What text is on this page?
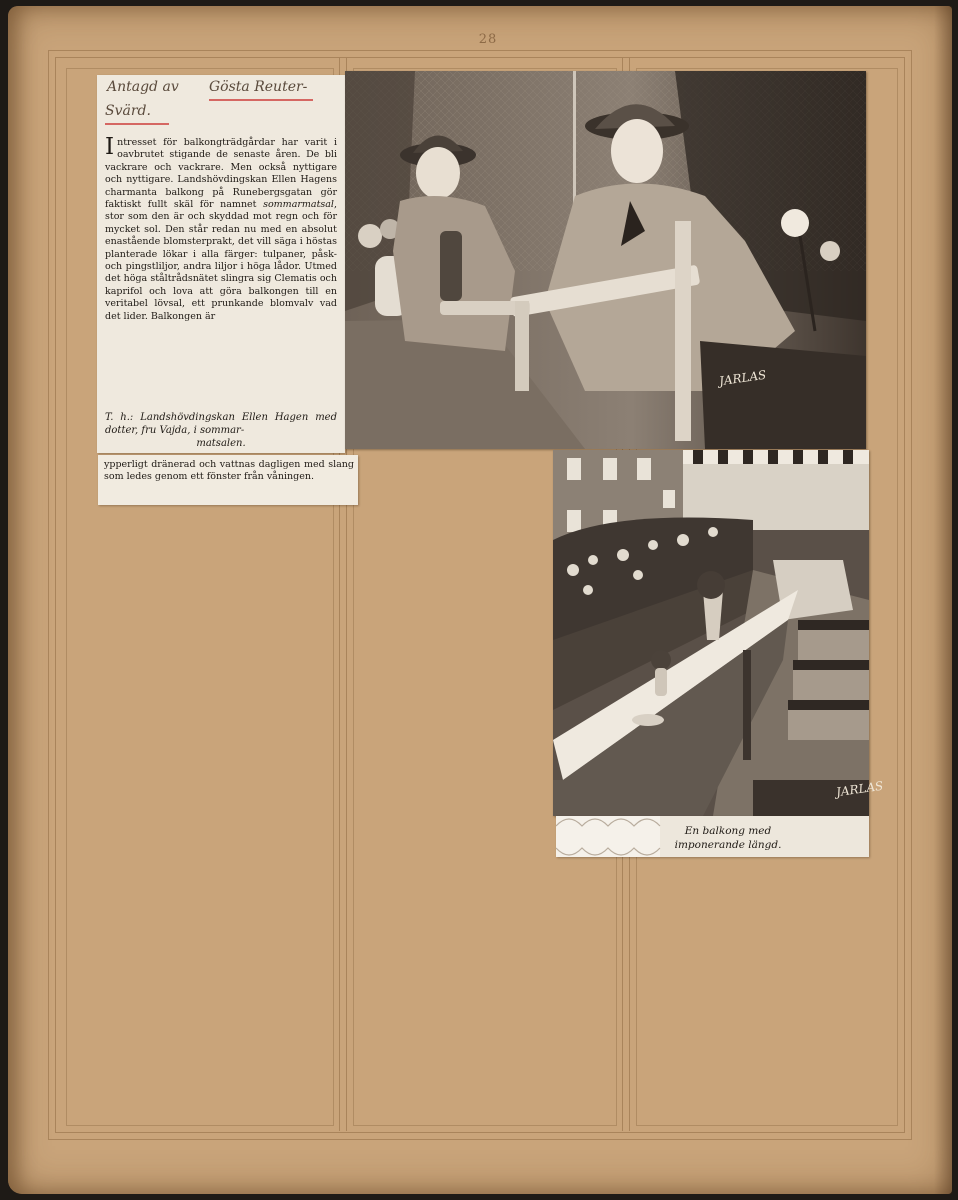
28
Antagd av Gösta Reuter-
Svärd.
Intresset för balkongträdgårdar har varit i oavbrutet stigande de senaste åren. De bli vackrare och vackrare. Men också nyttigare och nyttigare. Landshövdingskan Ellen Hagens charmanta balkong på Runebergsgatan gör faktiskt fullt skäl för namnet sommarmatsal, stor som den är och skyddad mot regn och för mycket sol. Den står redan nu med en absolut enastående blomsterprakt, det vill säga i höstas planterade lökar i alla färger: tulpaner, påsk- och pingstliljor, andra liljor i höga lådor. Utmed det höga ståltrådsnätet slingra sig Clematis och kaprifol och lova att göra balkongen till en veritabel lövsal, ett prunkande blomvalv vad det lider. Balkongen är
T. h.: Landshövdingskan Ellen Hagen med dotter, fru Vajda, i sommar-
matsalen.
ypperligt dränerad och vattnas dagligen med slang som ledes genom ett fönster från våningen.
JARLAS
JARLAS
En balkong med imponerande längd.
